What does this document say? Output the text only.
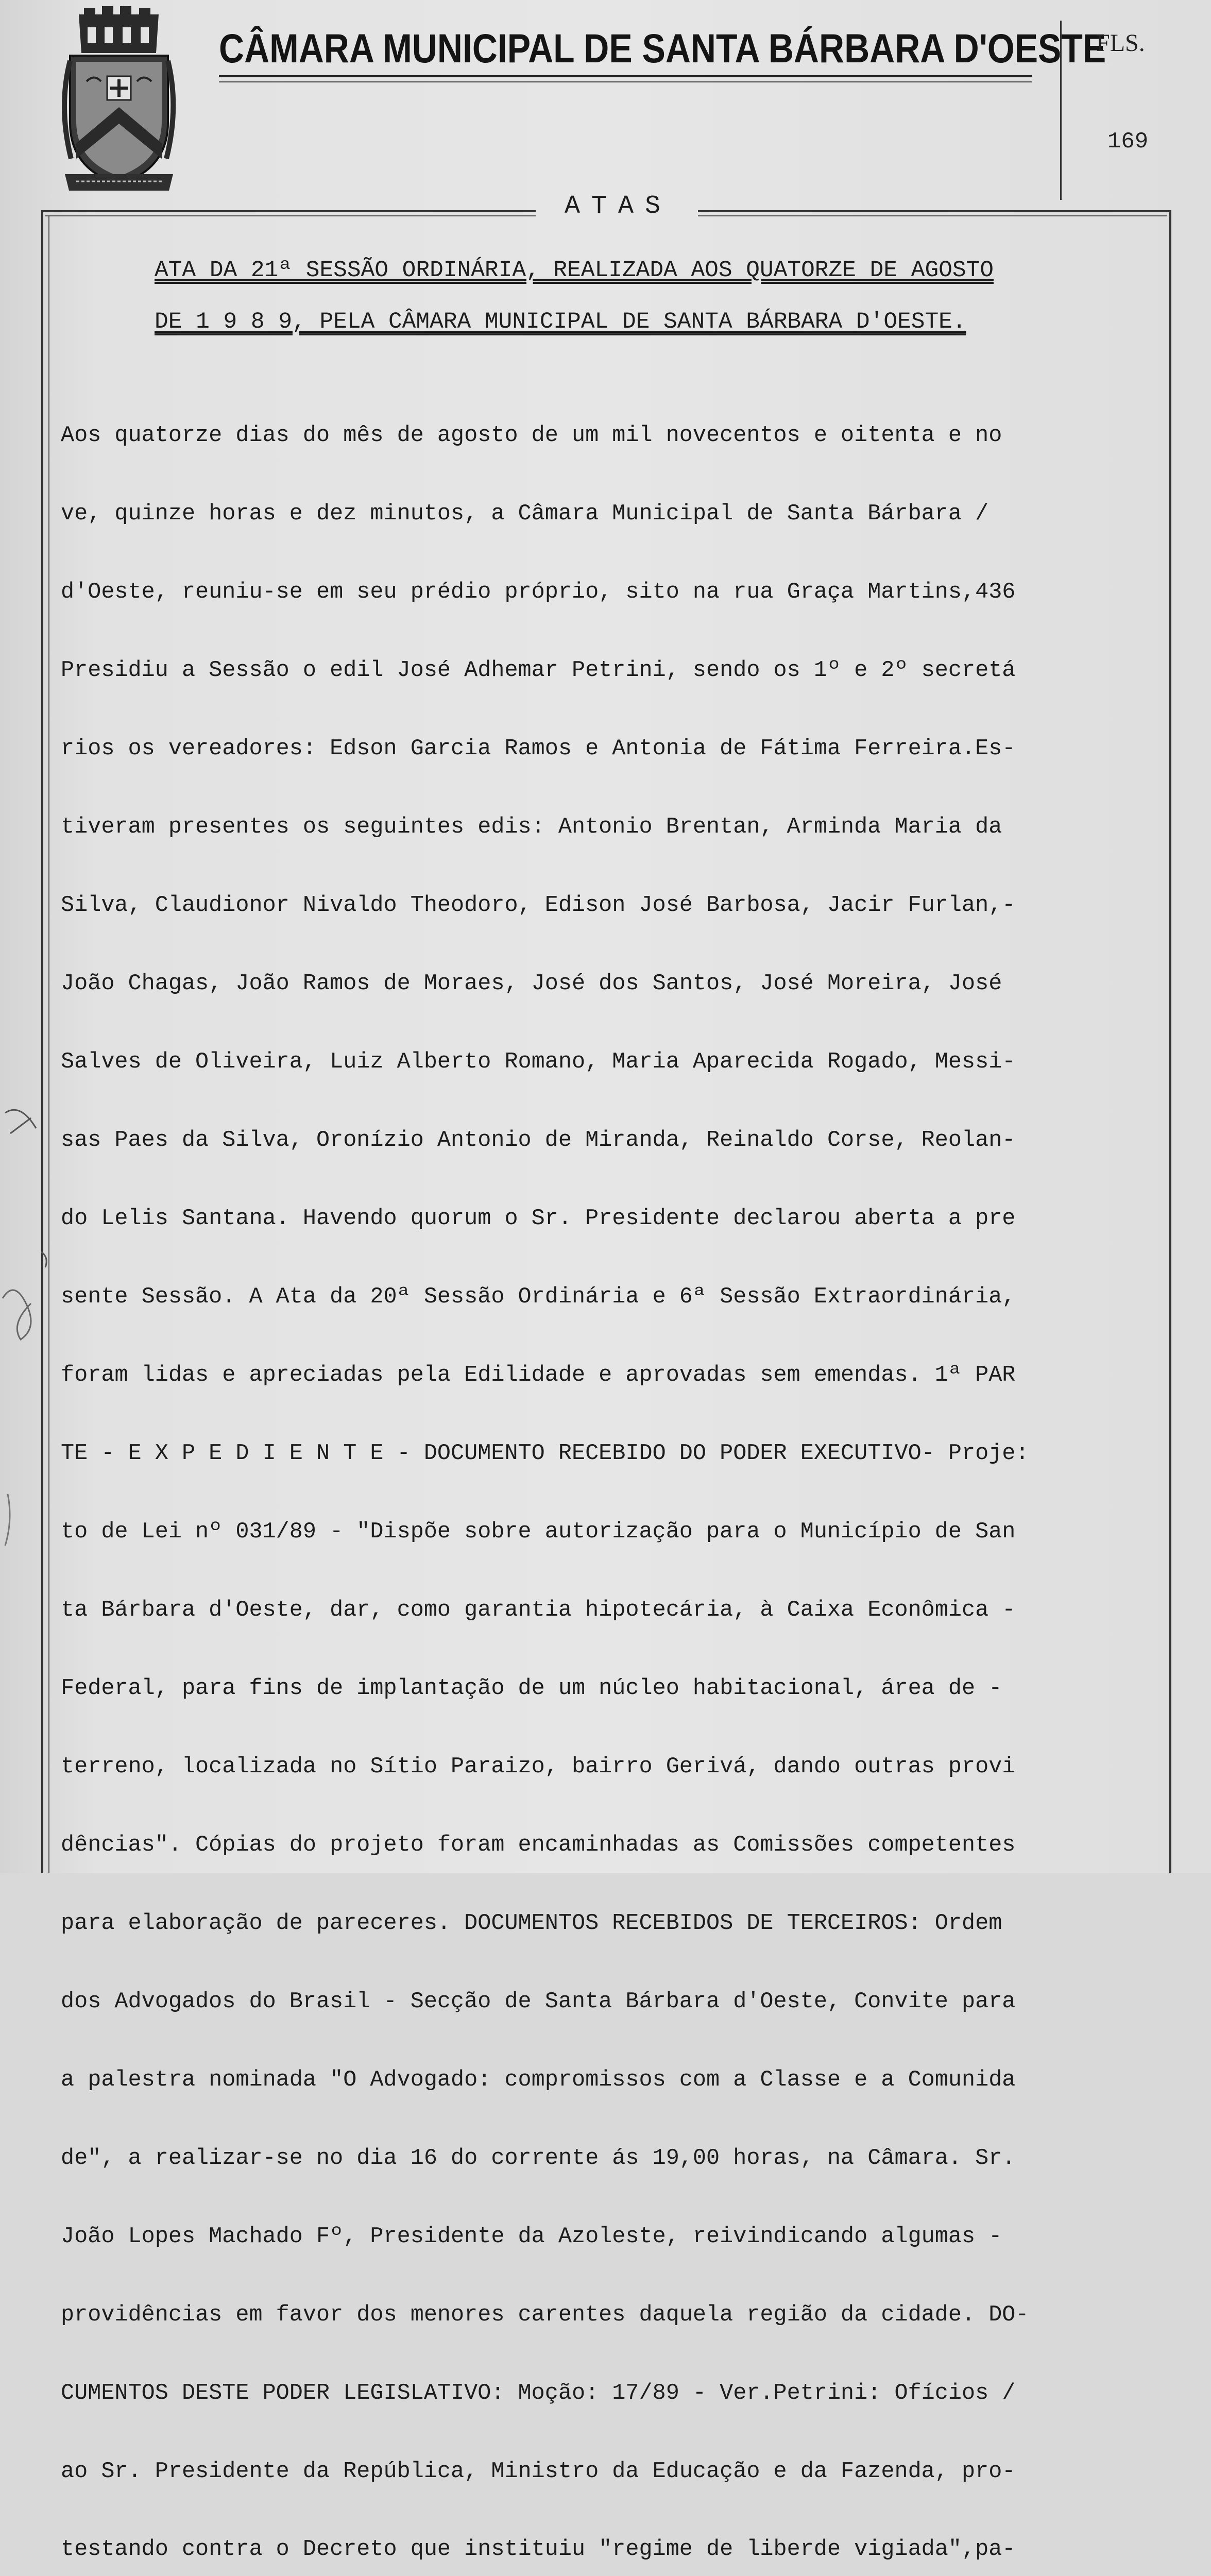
CÂMARA MUNICIPAL DE SANTA BÁRBARA D'OESTE
FLS.
169
ATAS
ATA DA 21ª SESSÃO ORDINÁRIA, REALIZADA AOS QUATORZE DE AGOSTO
DE 1 9 8 9, PELA CÂMARA MUNICIPAL DE SANTA BÁRBARA D'OESTE.

Aos quatorze dias do mês de agosto de um mil novecentos e oitenta e no

ve, quinze horas e dez minutos, a Câmara Municipal de Santa Bárbara /

d'Oeste, reuniu-se em seu prédio próprio, sito na rua Graça Martins,436

Presidiu a Sessão o edil José Adhemar Petrini, sendo os 1º e 2º secretá

rios os vereadores: Edson Garcia Ramos e Antonia de Fátima Ferreira.Es-

tiveram presentes os seguintes edis: Antonio Brentan, Arminda Maria da

Silva, Claudionor Nivaldo Theodoro, Edison José Barbosa, Jacir Furlan,-

João Chagas, João Ramos de Moraes, José dos Santos, José Moreira, José

Salves de Oliveira, Luiz Alberto Romano, Maria Aparecida Rogado, Messi-

sas Paes da Silva, Oronízio Antonio de Miranda, Reinaldo Corse, Reolan-

do Lelis Santana. Havendo quorum o Sr. Presidente declarou aberta a pre

sente Sessão. A Ata da 20ª Sessão Ordinária e 6ª Sessão Extraordinária,

foram lidas e apreciadas pela Edilidade e aprovadas sem emendas. 1ª PAR

TE - E X P E D I E N T E - DOCUMENTO RECEBIDO DO PODER EXECUTIVO- Proje:

to de Lei nº 031/89 - "Dispõe sobre autorização para o Município de San

ta Bárbara d'Oeste, dar, como garantia hipotecária, à Caixa Econômica -

Federal, para fins de implantação de um núcleo habitacional, área de -

terreno, localizada no Sítio Paraizo, bairro Gerivá, dando outras provi

dências". Cópias do projeto foram encaminhadas as Comissões competentes

para elaboração de pareceres. DOCUMENTOS RECEBIDOS DE TERCEIROS: Ordem

dos Advogados do Brasil - Secção de Santa Bárbara d'Oeste, Convite para

a palestra nominada "O Advogado: compromissos com a Classe e a Comunida

de", a realizar-se no dia 16 do corrente ás 19,00 horas, na Câmara. Sr.

João Lopes Machado Fº, Presidente da Azoleste, reivindicando algumas -

providências em favor dos menores carentes daquela região da cidade. DO-

CUMENTOS DESTE PODER LEGISLATIVO: Moção: 17/89 - Ver.Petrini: Ofícios /

ao Sr. Presidente da República, Ministro da Educação e da Fazenda, pro-

testando contra o Decreto que instituiu "regime de liberde vigiada",pa-
